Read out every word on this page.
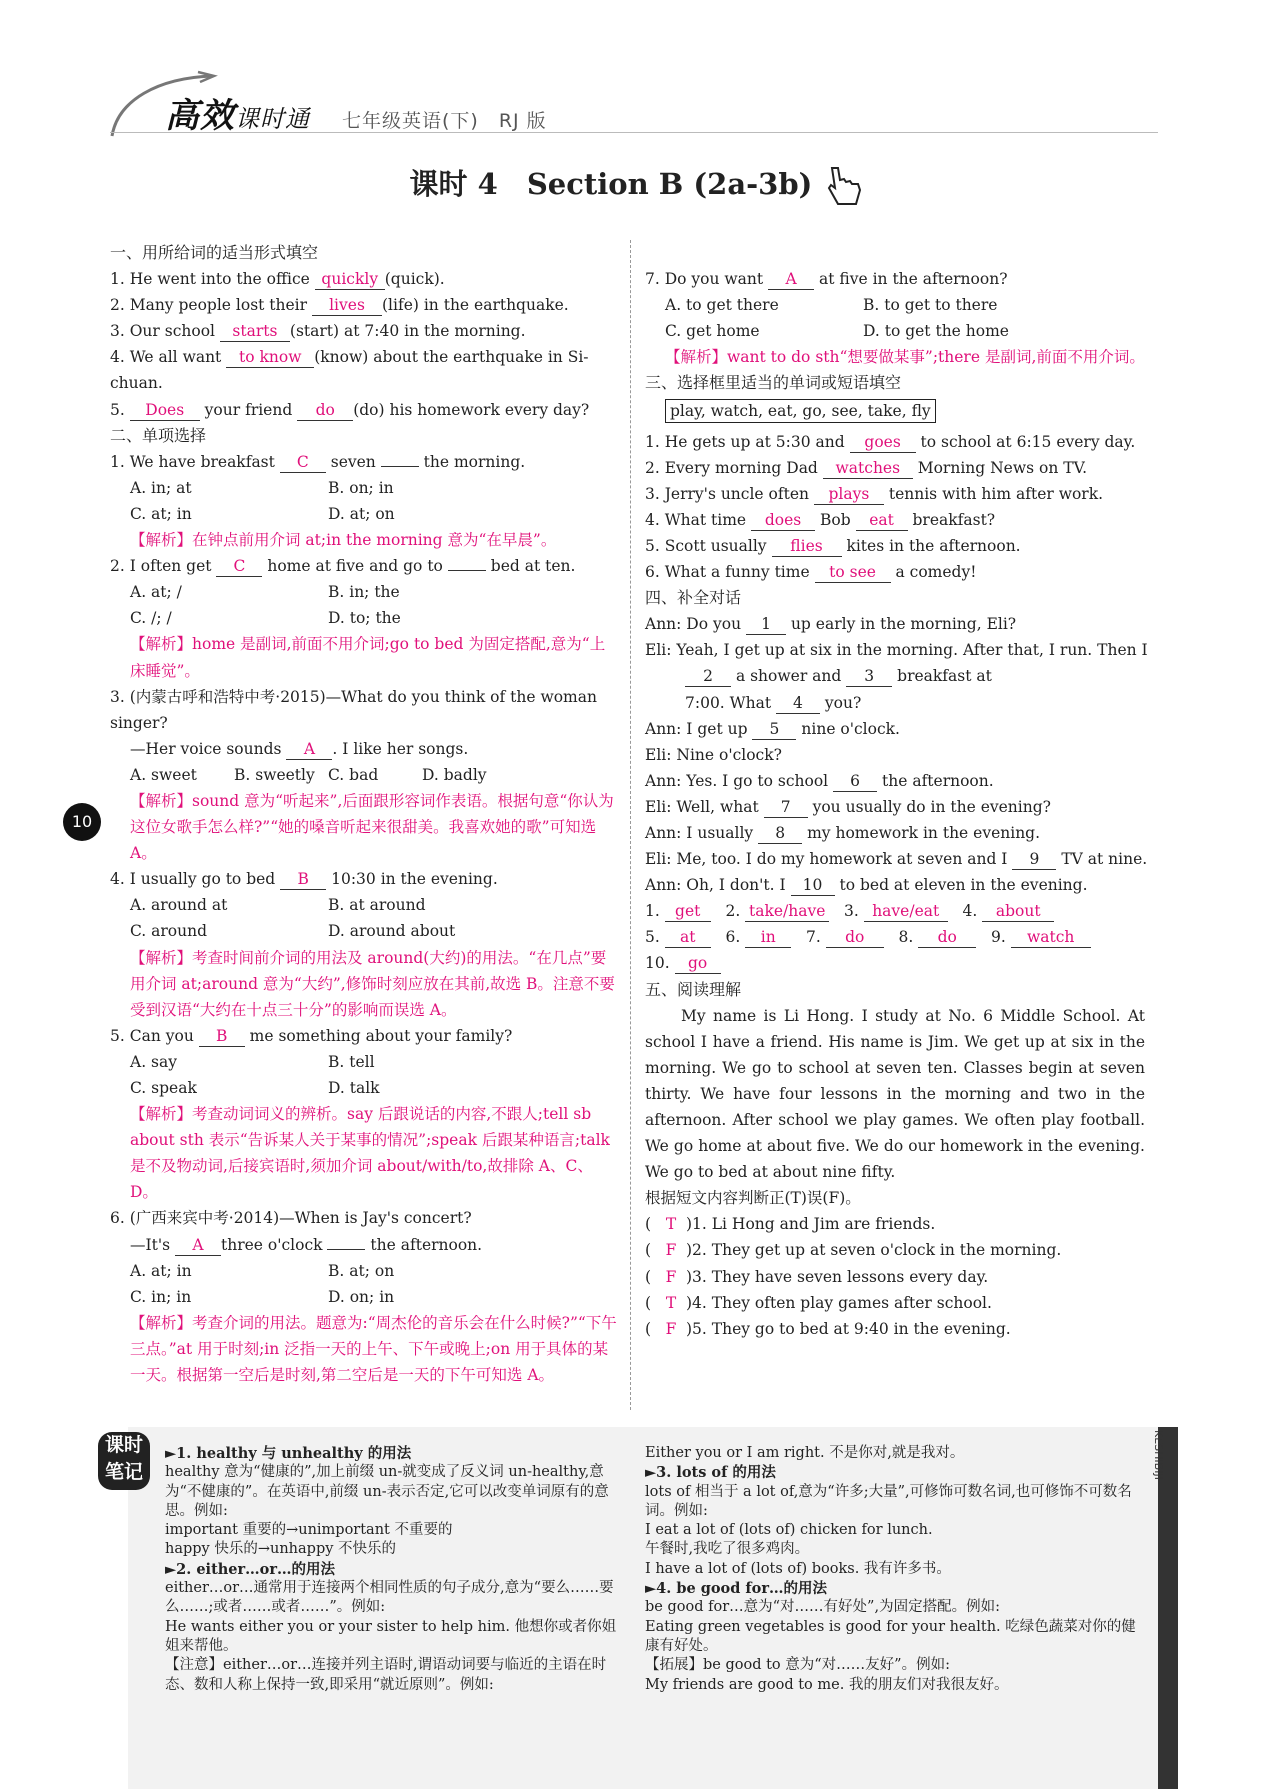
高效课时通 七年级英语(下)　RJ 版
课时 4　Section B (2a-3b)
10
一、用所给词的适当形式填空
1. He went into the office quickly (quick).
2. Many people lost their lives (life) in the earthquake.
3. Our school starts (start) at 7:40 in the morning.
4. We all want to know (know) about the earthquake in Si-
chuan.
5. Does your friend do (do) his homework every day?
二、单项选择
1. We have breakfast C seven	the morning.
A. in; at	B. on; in
C. at; in	D. at; on
【解析】在钟点前用介词 at;in the morning 意为“在早晨”。
2. I often get C home at five and go to	bed at ten.
A. at; /	B. in; the
C. /; /	D. to; the
【解析】home 是副词,前面不用介词;go to bed 为固定搭配,意为“上床睡觉”。
3. (内蒙古呼和浩特中考·2015)—What do you think of the woman singer?
—Her voice sounds A . I like her songs.
A. sweet	B. sweetly C. bad	D. badly
【解析】sound 意为“听起来”,后面跟形容词作表语。根据句意“你认为这位女歌手怎么样?”“她的嗓音听起来很甜美。我喜欢她的歌”可知选 A。
4. I usually go to bed B 10:30 in the evening.
A. around at	B. at around
C. around	D. around about
【解析】考查时间前介词的用法及 around(大约)的用法。“在几点”要用介词 at;around 意为“大约”,修饰时刻应放在其前,故选 B。注意不要受到汉语“大约在十点三十分”的影响而误选 A。
5. Can you B me something about your family?
A. say	B. tell
C. speak	D. talk
【解析】考查动词词义的辨析。say 后跟说话的内容,不跟人;tell sb about sth 表示“告诉某人关于某事的情况”;speak 后跟某种语言;talk 是不及物动词,后接宾语时,须加介词 about/with/to,故排除 A、C、D。
6. (广西来宾中考·2014)—When is Jay's concert?
—It's A three o'clock	the afternoon.
A. at; in	B. at; on
C. in; in	D. on; in
【解析】考查介词的用法。题意为:“周杰伦的音乐会在什么时候?”“下午三点。”at 用于时刻;in 泛指一天的上午、下午或晚上;on 用于具体的某一天。根据第一空后是时刻,第二空后是一天的下午可知选 A。
7. Do you want A at five in the afternoon?
A. to get there	B. to get to there
C. get home	D. to get the home
【解析】want to do sth“想要做某事”;there 是副词,前面不用介词。
三、选择框里适当的单词或短语填空
play, watch, eat, go, see, take, fly
1. He gets up at 5:30 and goes to school at 6:15 every day.
2. Every morning Dad watches Morning News on TV.
3. Jerry's uncle often plays tennis with him after work.
4. What time does Bob eat breakfast?
5. Scott usually flies kites in the afternoon.
6. What a funny time to see a comedy!
四、补全对话
Ann: Do you 1 up early in the morning, Eli?
Eli: Yeah, I get up at six in the morning. After that, I run. Then I
2 a shower and 3 breakfast at
7:00. What 4 you?
Ann: I get up 5 nine o'clock.
Eli: Nine o'clock?
Ann: Yes. I go to school 6 the afternoon.
Eli: Well, what 7 you usually do in the evening?
Ann: I usually 8 my homework in the evening.
Eli: Me, too. I do my homework at seven and I 9 TV at nine.
Ann: Oh, I don't. I 10 to bed at eleven in the evening.
1. get   2. take/have   3. have/eat   4. about
5. at   6. in   7. do   8. do   9. watch
10. go
五、阅读理解
My name is Li Hong. I study at No. 6 Middle School. At school I have a friend. His name is Jim. We get up at six in the morning. We go to school at seven ten. Classes begin at seven thirty. We have four lessons in the morning and two in the afternoon. After school we play games. We often play football. We go home at about five. We do our homework in the evening. We go to bed at about nine fifty.
根据短文内容判断正(T)误(F)。
( T )1. Li Hong and Jim are friends.
( F )2. They get up at seven o'clock in the morning.
( F )3. They have seven lessons every day.
( T )4. They often play games after school.
( F )5. They go to bed at 9:40 in the evening.
KESHIBIJI
课时
笔记
►1. healthy 与 unhealthy 的用法
healthy 意为“健康的”,加上前缀 un-就变成了反义词 un-healthy,意为“不健康的”。在英语中,前缀 un-表示否定,它可以改变单词原有的意思。例如:
important 重要的→unimportant 不重要的
happy 快乐的→unhappy 不快乐的
►2. either…or…的用法
either…or…通常用于连接两个相同性质的句子成分,意为“要么……要么……;或者……或者……”。例如:
He wants either you or your sister to help him. 他想你或者你姐姐来帮他。
【注意】either…or…连接并列主语时,谓语动词要与临近的主语在时态、数和人称上保持一致,即采用“就近原则”。例如:
Either you or I am right. 不是你对,就是我对。
►3. lots of 的用法
lots of 相当于 a lot of,意为“许多;大量”,可修饰可数名词,也可修饰不可数名词。例如:
I eat a lot of (lots of) chicken for lunch.
午餐时,我吃了很多鸡肉。
I have a lot of (lots of) books. 我有许多书。
►4. be good for…的用法
be good for…意为“对……有好处”,为固定搭配。例如:
Eating green vegetables is good for your health. 吃绿色蔬菜对你的健康有好处。
【拓展】be good to 意为“对……友好”。例如:
My friends are good to me. 我的朋友们对我很友好。
